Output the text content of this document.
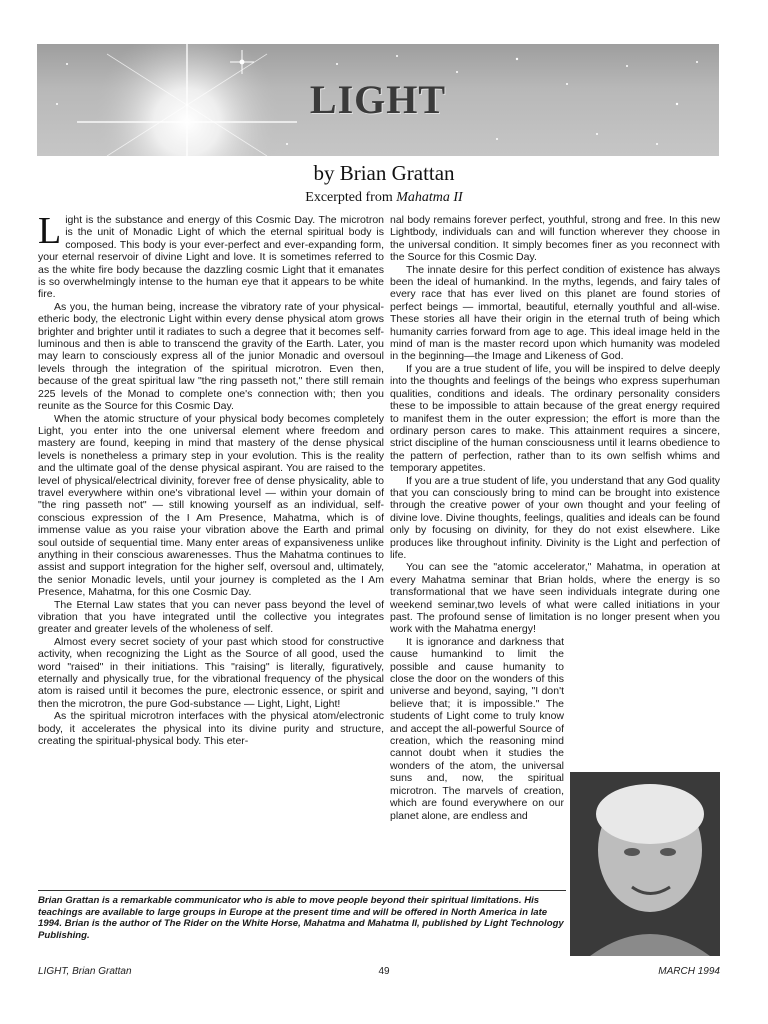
LIGHT
by Brian Grattan
Excerpted from Mahatma II

Light is the substance and energy of this Cosmic Day. The microtron is the unit of Monadic Light of which the eternal spiritual body is composed. This body is your ever-perfect and ever-expanding form, your eternal reservoir of divine Light and love. It is sometimes referred to as the white fire body because the dazzling cosmic Light that it emanates is so overwhelmingly intense to the human eye that it appears to be white fire.

As you, the human being, increase the vibratory rate of your physical-etheric body, the electronic Light within every dense physical atom grows brighter and brighter until it radiates to such a degree that it becomes self-luminous and then is able to transcend the gravity of the Earth. Later, you may learn to consciously express all of the junior Monadic and oversoul levels through the integration of the spiritual microtron. Even then, because of the great spiritual law "the ring passeth not," there still remain 225 levels of the Monad to complete one's connection with; then you reunite as the Source for this Cosmic Day.

When the atomic structure of your physical body becomes completely Light, you enter into the one universal element where freedom and mastery are found, keeping in mind that mastery of the dense physical levels is nonetheless a primary step in your evolution. This is the reality and the ultimate goal of the dense physical aspirant. You are raised to the level of physical/electrical divinity, forever free of dense physicality, able to travel everywhere within one's vibrational level — within your domain of "the ring passeth not" — still knowing yourself as an individual, self-conscious expression of the I Am Presence, Mahatma, which is of immense value as you raise your vibration above the Earth and primal soul outside of sequential time. Many enter areas of expansiveness unlike anything in their conscious awarenesses. Thus the Mahatma continues to assist and support integration for the higher self, oversoul and, ultimately, the senior Monadic levels, until your journey is completed as the I Am Presence, Mahatma, for this one Cosmic Day.

The Eternal Law states that you can never pass beyond the level of vibration that you have integrated until the collective you integrates greater and greater levels of the wholeness of self.

Almost every secret society of your past which stood for constructive activity, when recognizing the Light as the Source of all good, used the word "raised" in their initiations. This "raising" is literally, figuratively, eternally and physically true, for the vibrational frequency of the physical atom is raised until it becomes the pure, electronic essence, or spirit and then the microtron, the pure God-substance — Light, Light, Light!

As the spiritual microtron interfaces with the physical atom/electronic body, it accelerates the physical into its divine purity and structure, creating the spiritual-physical body. This eter-

nal body remains forever perfect, youthful, strong and free. In this new Lightbody, individuals can and will function wherever they choose in the universal condition. It simply becomes finer as you reconnect with the Source for this Cosmic Day.

The innate desire for this perfect condition of existence has always been the ideal of humankind. In the myths, legends, and fairy tales of every race that has ever lived on this planet are found stories of perfect beings — immortal, beautiful, eternally youthful and all-wise. These stories all have their origin in the eternal truth of being which humanity carries forward from age to age. This ideal image held in the mind of man is the master record upon which humanity was modeled in the beginning—the Image and Likeness of God.

If you are a true student of life, you will be inspired to delve deeply into the thoughts and feelings of the beings who express superhuman qualities, conditions and ideals. The ordinary personality considers these to be impossible to attain because of the great energy required to manifest them in the outer expression; the effort is more than the ordinary person cares to make. This attainment requires a sincere, strict discipline of the human consciousness until it learns obedience to the pattern of perfection, rather than to its own selfish whims and temporary appetites.

If you are a true student of life, you understand that any God quality that you can consciously bring to mind can be brought into existence through the creative power of your own thought and your feeling of divine love. Divine thoughts, feelings, qualities and ideals can be found only by focusing on divinity, for they do not exist elsewhere. Like produces like throughout infinity. Divinity is the Light and perfection of life.

You can see the "atomic accelerator," Mahatma, in operation at every Mahatma seminar that Brian holds, where the energy is so transformational that we have seen individuals integrate during one weekend seminar,two levels of what were called initiations in your past. The profound sense of limitation is no longer present when you work with the Mahatma energy!

It is ignorance and darkness that cause humankind to limit the possible and cause humanity to close the door on the wonders of this universe and beyond, saying, "I don't believe that; it is impossible." The students of Light come to truly know and accept the all-powerful Source of creation, which the reasoning mind cannot doubt when it studies the wonders of the atom, the universal suns and, now, the spiritual microtron. The marvels of creation, which are found everywhere on our planet alone, are endless and

Brian Grattan is a remarkable communicator who is able to move people beyond their spiritual limitations. His teachings are available to large groups in Europe at the present time and will be offered in North America in late 1994. Brian is the author of The Rider on the White Horse, Mahatma and Mahatma II, published by Light Technology Publishing.
LIGHT, Brian Grattan	49	MARCH 1994
